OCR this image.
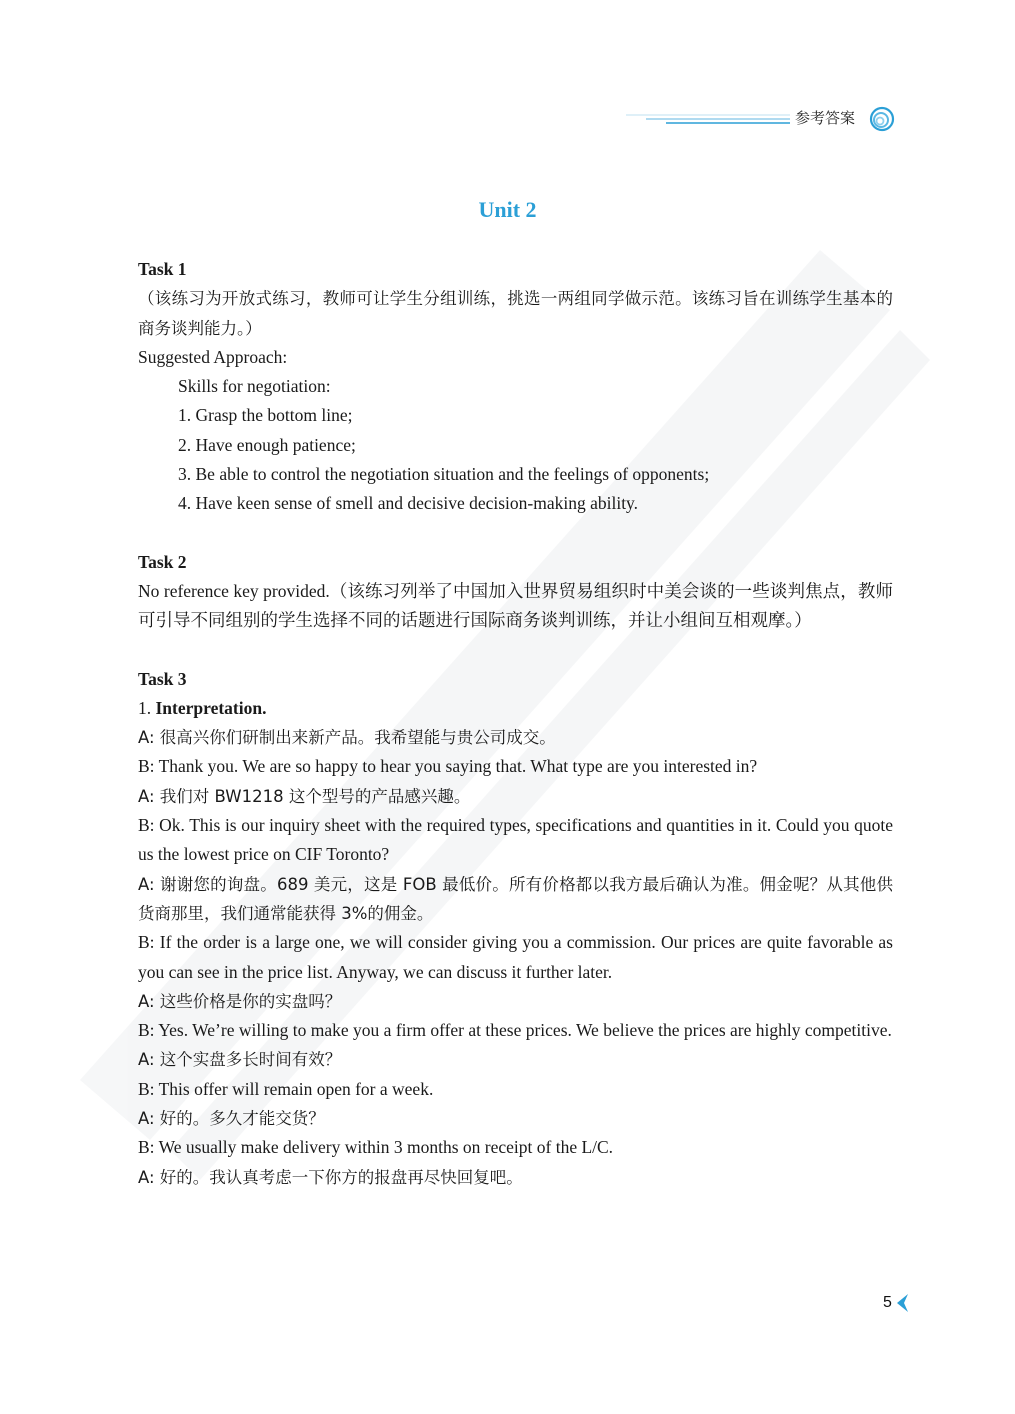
参考答案
Unit 2

Task 1

（该练习为开放式练习，教师可让学生分组训练，挑选一两组同学做示范。该练习旨在训练学生基本的商务谈判能力。）

Suggested Approach:

Skills for negotiation:

1. Grasp the bottom line;

2. Have enough patience;

3. Be able to control the negotiation situation and the feelings of opponents;

4. Have keen sense of smell and decisive decision-making ability.

Task 2

No reference key provided.（该练习列举了中国加入世界贸易组织时中美会谈的一些谈判焦点，教师可引导不同组别的学生选择不同的话题进行国际商务谈判训练，并让小组间互相观摩。）

Task 3

1. Interpretation.

A: 很高兴你们研制出来新产品。我希望能与贵公司成交。

B: Thank you. We are so happy to hear you saying that. What type are you interested in?

A: 我们对 BW1218 这个型号的产品感兴趣。

B: Ok. This is our inquiry sheet with the required types, specifications and quantities in it. Could you quote us the lowest price on CIF Toronto?

A: 谢谢您的询盘。689 美元，这是 FOB 最低价。所有价格都以我方最后确认为准。佣金呢？从其他供货商那里，我们通常能获得 3%的佣金。

B: If the order is a large one, we will consider giving you a commission. Our prices are quite favorable as you can see in the price list. Anyway, we can discuss it further later.

A: 这些价格是你的实盘吗？

B: Yes. We’re willing to make you a firm offer at these prices. We believe the prices are highly competitive.

A: 这个实盘多长时间有效？

B: This offer will remain open for a week.

A: 好的。多久才能交货？

B: We usually make delivery within 3 months on receipt of the L/C.

A: 好的。我认真考虑一下你方的报盘再尽快回复吧。

5
